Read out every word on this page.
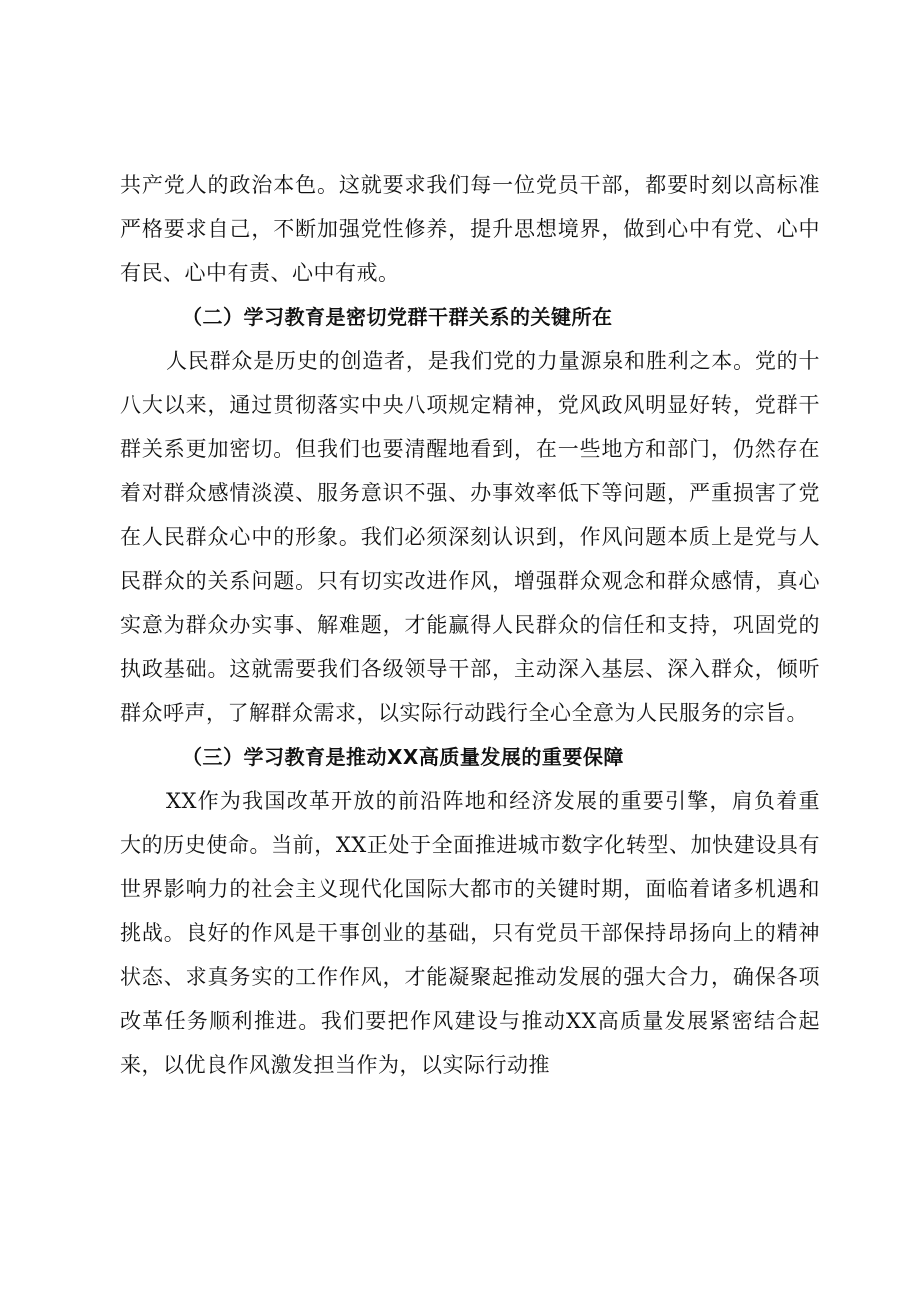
共产党人的政治本色。这就要求我们每一位党员干部，都要时刻以高标准严格要求自己，不断加强党性修养，提升思想境界，做到心中有党、心中有民、心中有责、心中有戒。

（二）学习教育是密切党群干群关系的关键所在

人民群众是历史的创造者，是我们党的力量源泉和胜利之本。党的十八大以来，通过贯彻落实中央八项规定精神，党风政风明显好转，党群干群关系更加密切。但我们也要清醒地看到，在一些地方和部门，仍然存在着对群众感情淡漠、服务意识不强、办事效率低下等问题，严重损害了党在人民群众心中的形象。我们必须深刻认识到，作风问题本质上是党与人民群众的关系问题。只有切实改进作风，增强群众观念和群众感情，真心实意为群众办实事、解难题，才能赢得人民群众的信任和支持，巩固党的执政基础。这就需要我们各级领导干部，主动深入基层、深入群众，倾听群众呼声，了解群众需求，以实际行动践行全心全意为人民服务的宗旨。

（三）学习教育是推动XX高质量发展的重要保障

XX作为我国改革开放的前沿阵地和经济发展的重要引擎，肩负着重大的历史使命。当前，XX正处于全面推进城市数字化转型、加快建设具有世界影响力的社会主义现代化国际大都市的关键时期，面临着诸多机遇和挑战。良好的作风是干事创业的基础，只有党员干部保持昂扬向上的精神状态、求真务实的工作作风，才能凝聚起推动发展的强大合力，确保各项改革任务顺利推进。我们要把作风建设与推动XX高质量发展紧密结合起来，以优良作风激发担当作为，以实际行动推
